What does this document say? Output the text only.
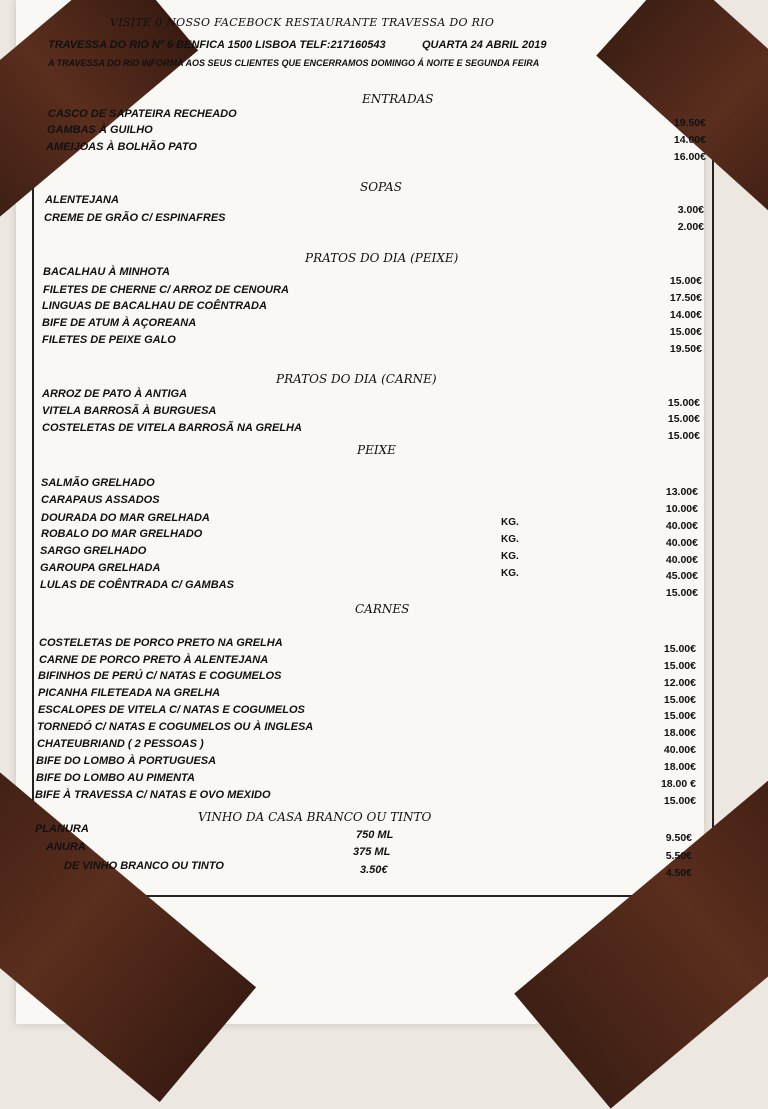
VISITE 0 NOSSO FACEBOCK RESTAURANTE TRAVESSA DO RIO
TRAVESSA DO RIO Nº 6 BENFICA 1500 LISBOA TELF:217160543	QUARTA 24 ABRIL 2019
A TRAVESSA DO RIO INFORMA AOS SEUS CLIENTES QUE ENCERRAMOS DOMINGO Á NOITE E SEGUNDA FEIRA
ENTRADAS
CASCO DE SAPATEIRA RECHEADO
GAMBAS À GUILHO
AMEIJOAS À BOLHÃO PATO
19.50€
14.00€
16.00€
SOPAS
ALENTEJANA
CREME DE GRÃO C/ ESPINAFRES
3.00€
2.00€
PRATOS DO DIA (PEIXE)
BACALHAU À MINHOTA
FILETES DE CHERNE C/ ARROZ DE CENOURA
LINGUAS DE BACALHAU DE COÊNTRADA
BIFE DE ATUM À AÇOREANA
FILETES DE PEIXE GALO
15.00€
17.50€
14.00€
15.00€
19.50€
PRATOS DO DIA (CARNE)
ARROZ DE PATO À ANTIGA
VITELA BARROSÃ À BURGUESA
COSTELETAS DE VITELA BARROSÃ NA GRELHA
15.00€
15.00€
15.00€
PEIXE
SALMÃO GRELHADO
CARAPAUS ASSADOS
DOURADA DO MAR GRELHADA
ROBALO DO MAR GRELHADO
SARGO GRELHADO
GAROUPA GRELHADA
LULAS DE COÊNTRADA C/ GAMBAS
KG.
KG.
KG.
KG.
13.00€
10.00€
40.00€
40.00€
40.00€
45.00€
15.00€
CARNES
COSTELETAS DE PORCO PRETO NA GRELHA
CARNE DE PORCO PRETO À ALENTEJANA
BIFINHOS DE PERÚ C/ NATAS E COGUMELOS
PICANHA FILETEADA NA GRELHA
ESCALOPES DE VITELA C/ NATAS E COGUMELOS
TORNEDÓ C/ NATAS E COGUMELOS OU À INGLESA
CHATEUBRIAND ( 2 PESSOAS )
BIFE DO LOMBO À PORTUGUESA
BIFE DO LOMBO AU PIMENTA
BIFE À TRAVESSA C/ NATAS E OVO MEXIDO
15.00€
15.00€
12.00€
15.00€
15.00€
18.00€
40.00€
18.00€
18.00 €
15.00€
VINHO DA CASA BRANCO OU TINTO
PLANURA
ANURA
DE VINHO BRANCO OU TINTO
750 ML
375 ML
3.50€
9.50€
5.50€
4.50€
